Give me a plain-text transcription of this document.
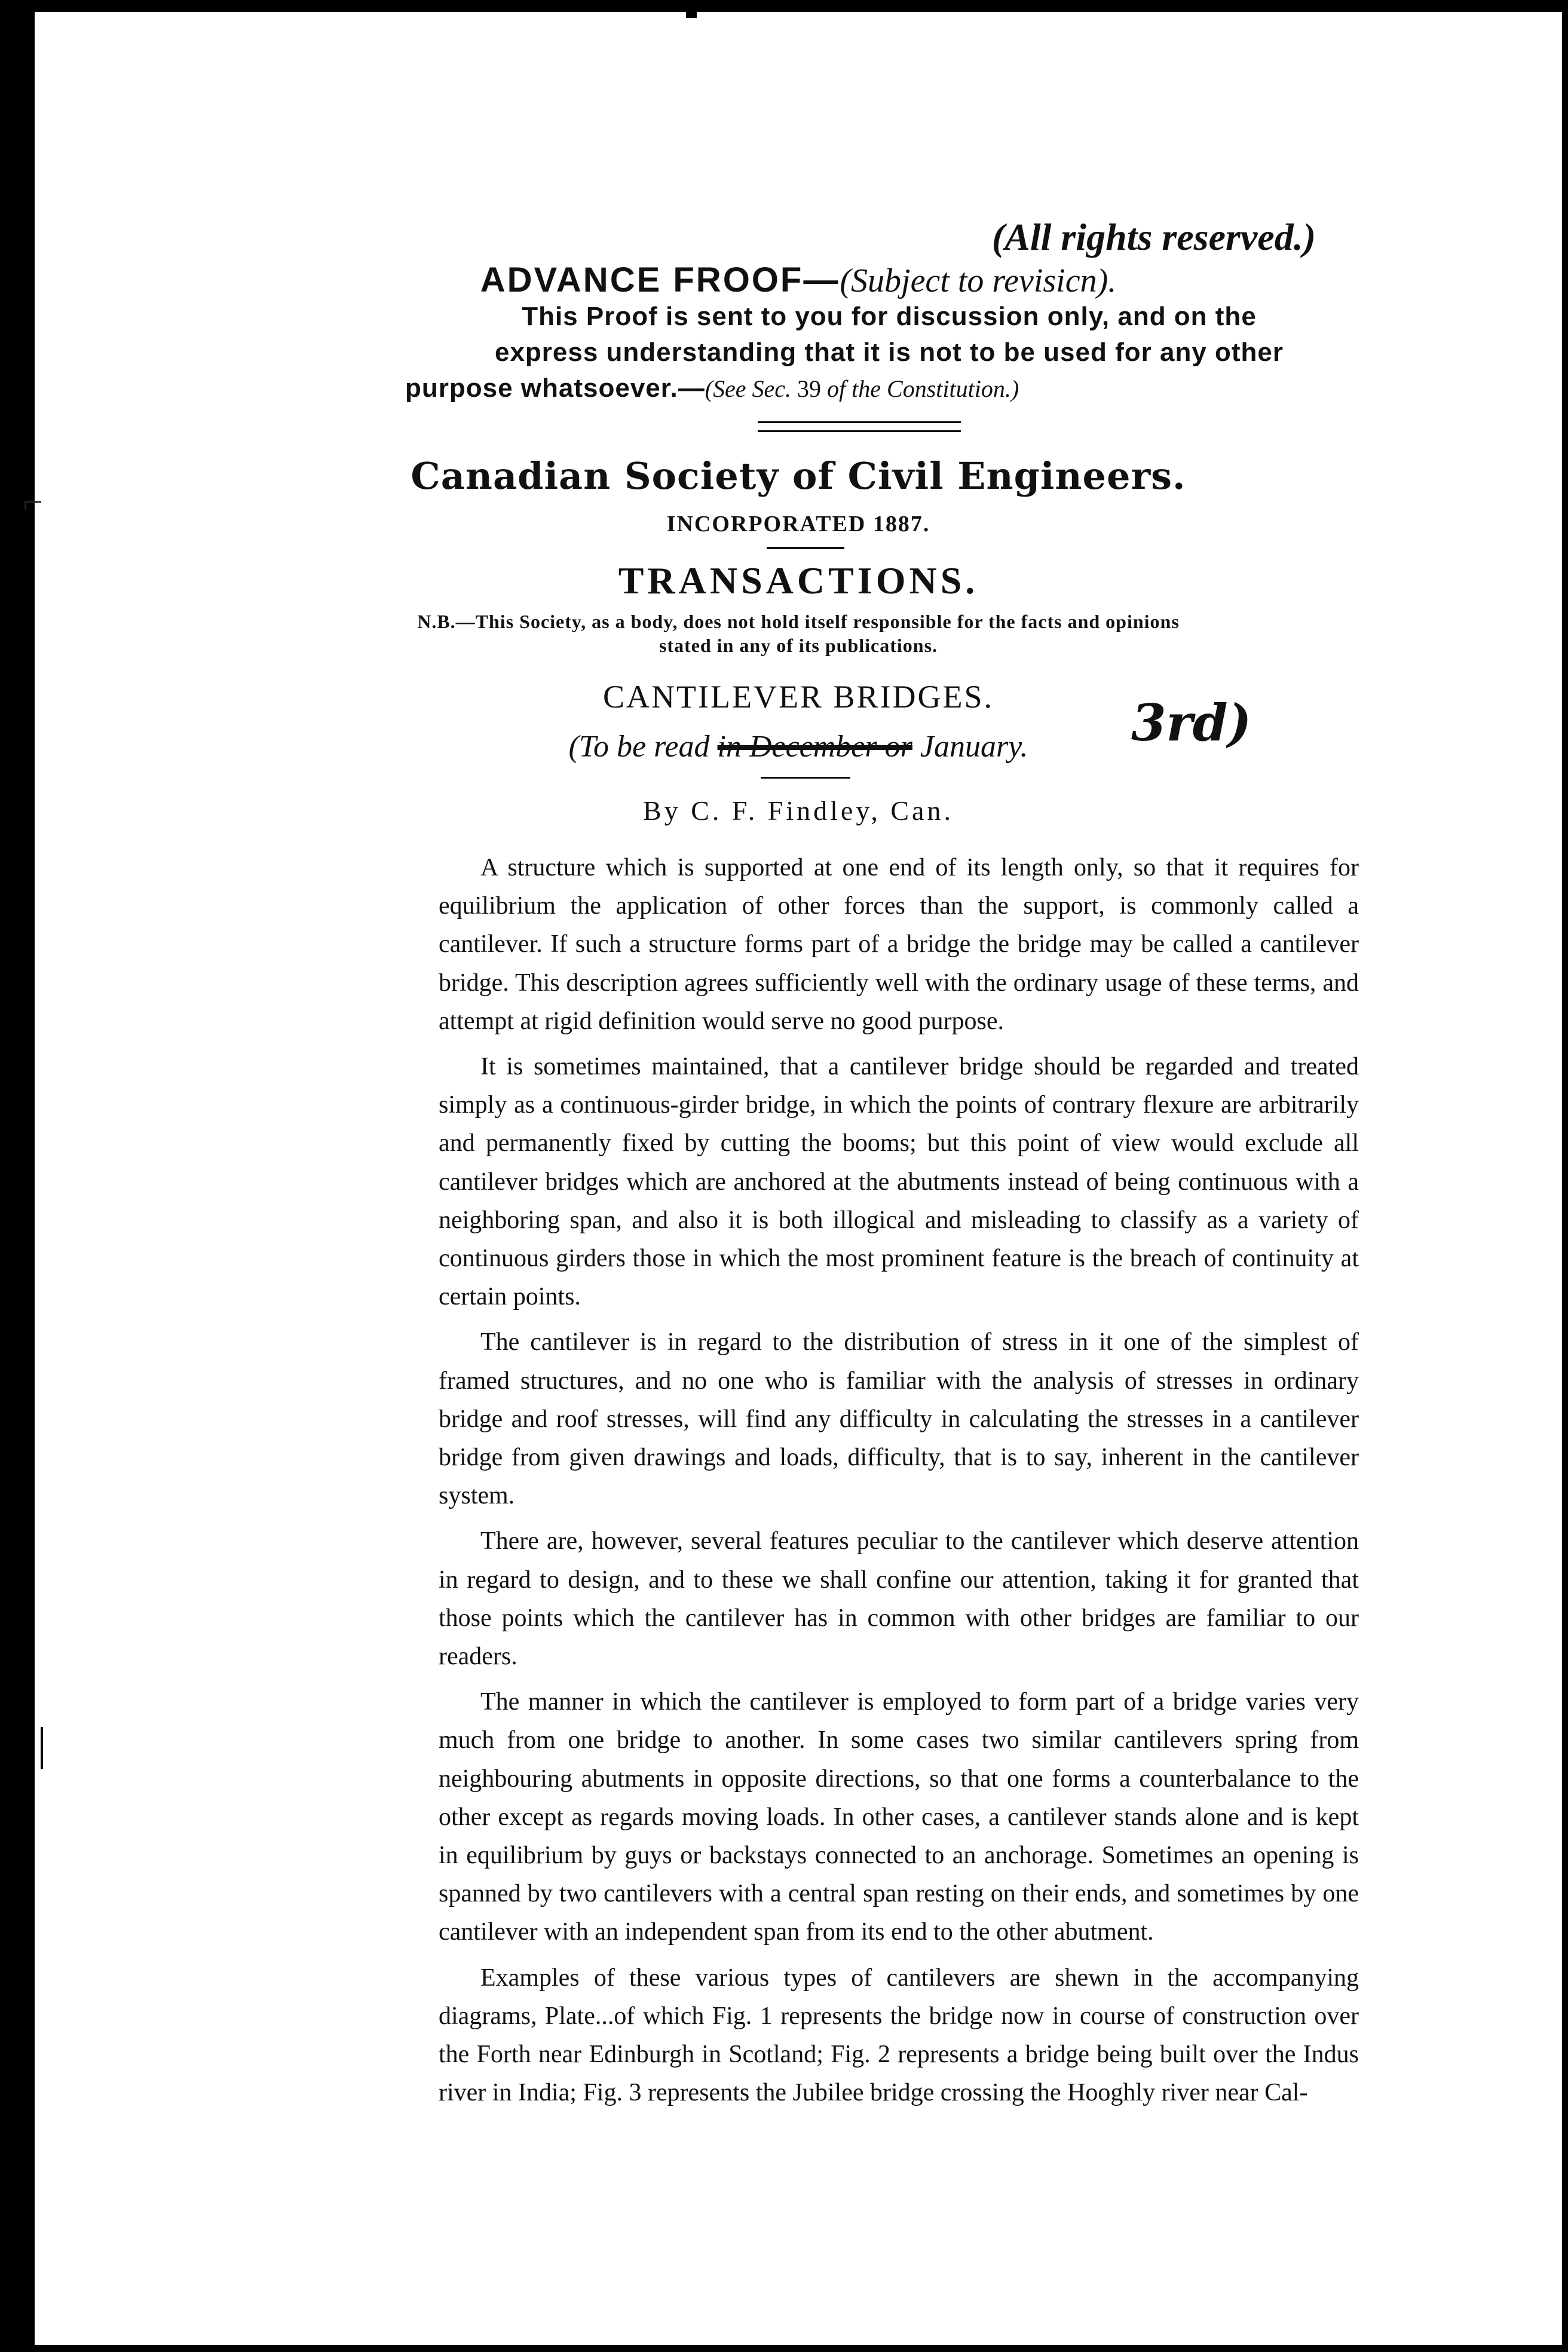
⌐
(All rights reserved.)
ADVANCE FROOF—(Subject to revisicn).
This Proof is sent to you for discussion only, and on the
express understanding that it is not to be used for any other
purpose whatsoever.—(See Sec. 39 of the Constitution.)
Canadian Society of Civil Engineers.
INCORPORATED 1887.
TRANSACTIONS.
N.B.—This Society, as a body, does not hold itself responsible for the facts and opinions
stated in any of its publications.
CANTILEVER BRIDGES.
(To be read in December or January.	3rd)
By C. F. Findley, Can.

A structure which is supported at one end of its length only, so that it requires for equilibrium the application of other forces than the support, is commonly called a cantilever. If such a structure forms part of a bridge the bridge may be called a cantilever bridge. This description agrees sufficiently well with the ordinary usage of these terms, and attempt at rigid definition would serve no good purpose.

It is sometimes maintained, that a cantilever bridge should be regarded and treated simply as a continuous-girder bridge, in which the points of contrary flexure are arbitrarily and permanently fixed by cutting the booms; but this point of view would exclude all cantilever bridges which are anchored at the abutments instead of being continuous with a neighboring span, and also it is both illogical and misleading to classify as a variety of continuous girders those in which the most prominent feature is the breach of continuity at certain points.

The cantilever is in regard to the distribution of stress in it one of the simplest of framed structures, and no one who is familiar with the analysis of stresses in ordinary bridge and roof stresses, will find any difficulty in calculating the stresses in a cantilever bridge from given drawings and loads, difficulty, that is to say, inherent in the cantilever system.

There are, however, several features peculiar to the cantilever which deserve attention in regard to design, and to these we shall confine our attention, taking it for granted that those points which the cantilever has in common with other bridges are familiar to our readers.

The manner in which the cantilever is employed to form part of a bridge varies very much from one bridge to another. In some cases two similar cantilevers spring from neighbouring abutments in opposite directions, so that one forms a counterbalance to the other except as regards moving loads. In other cases, a cantilever stands alone and is kept in equilibrium by guys or backstays connected to an anchorage. Sometimes an opening is spanned by two cantilevers with a central span resting on their ends, and sometimes by one cantilever with an independent span from its end to the other abutment.

Examples of these various types of cantilevers are shewn in the accompanying diagrams, Plate...of which Fig. 1 represents the bridge now in course of construction over the Forth near Edinburgh in Scotland; Fig. 2 represents a bridge being built over the Indus river in India; Fig. 3 represents the Jubilee bridge crossing the Hooghly river near Cal-
